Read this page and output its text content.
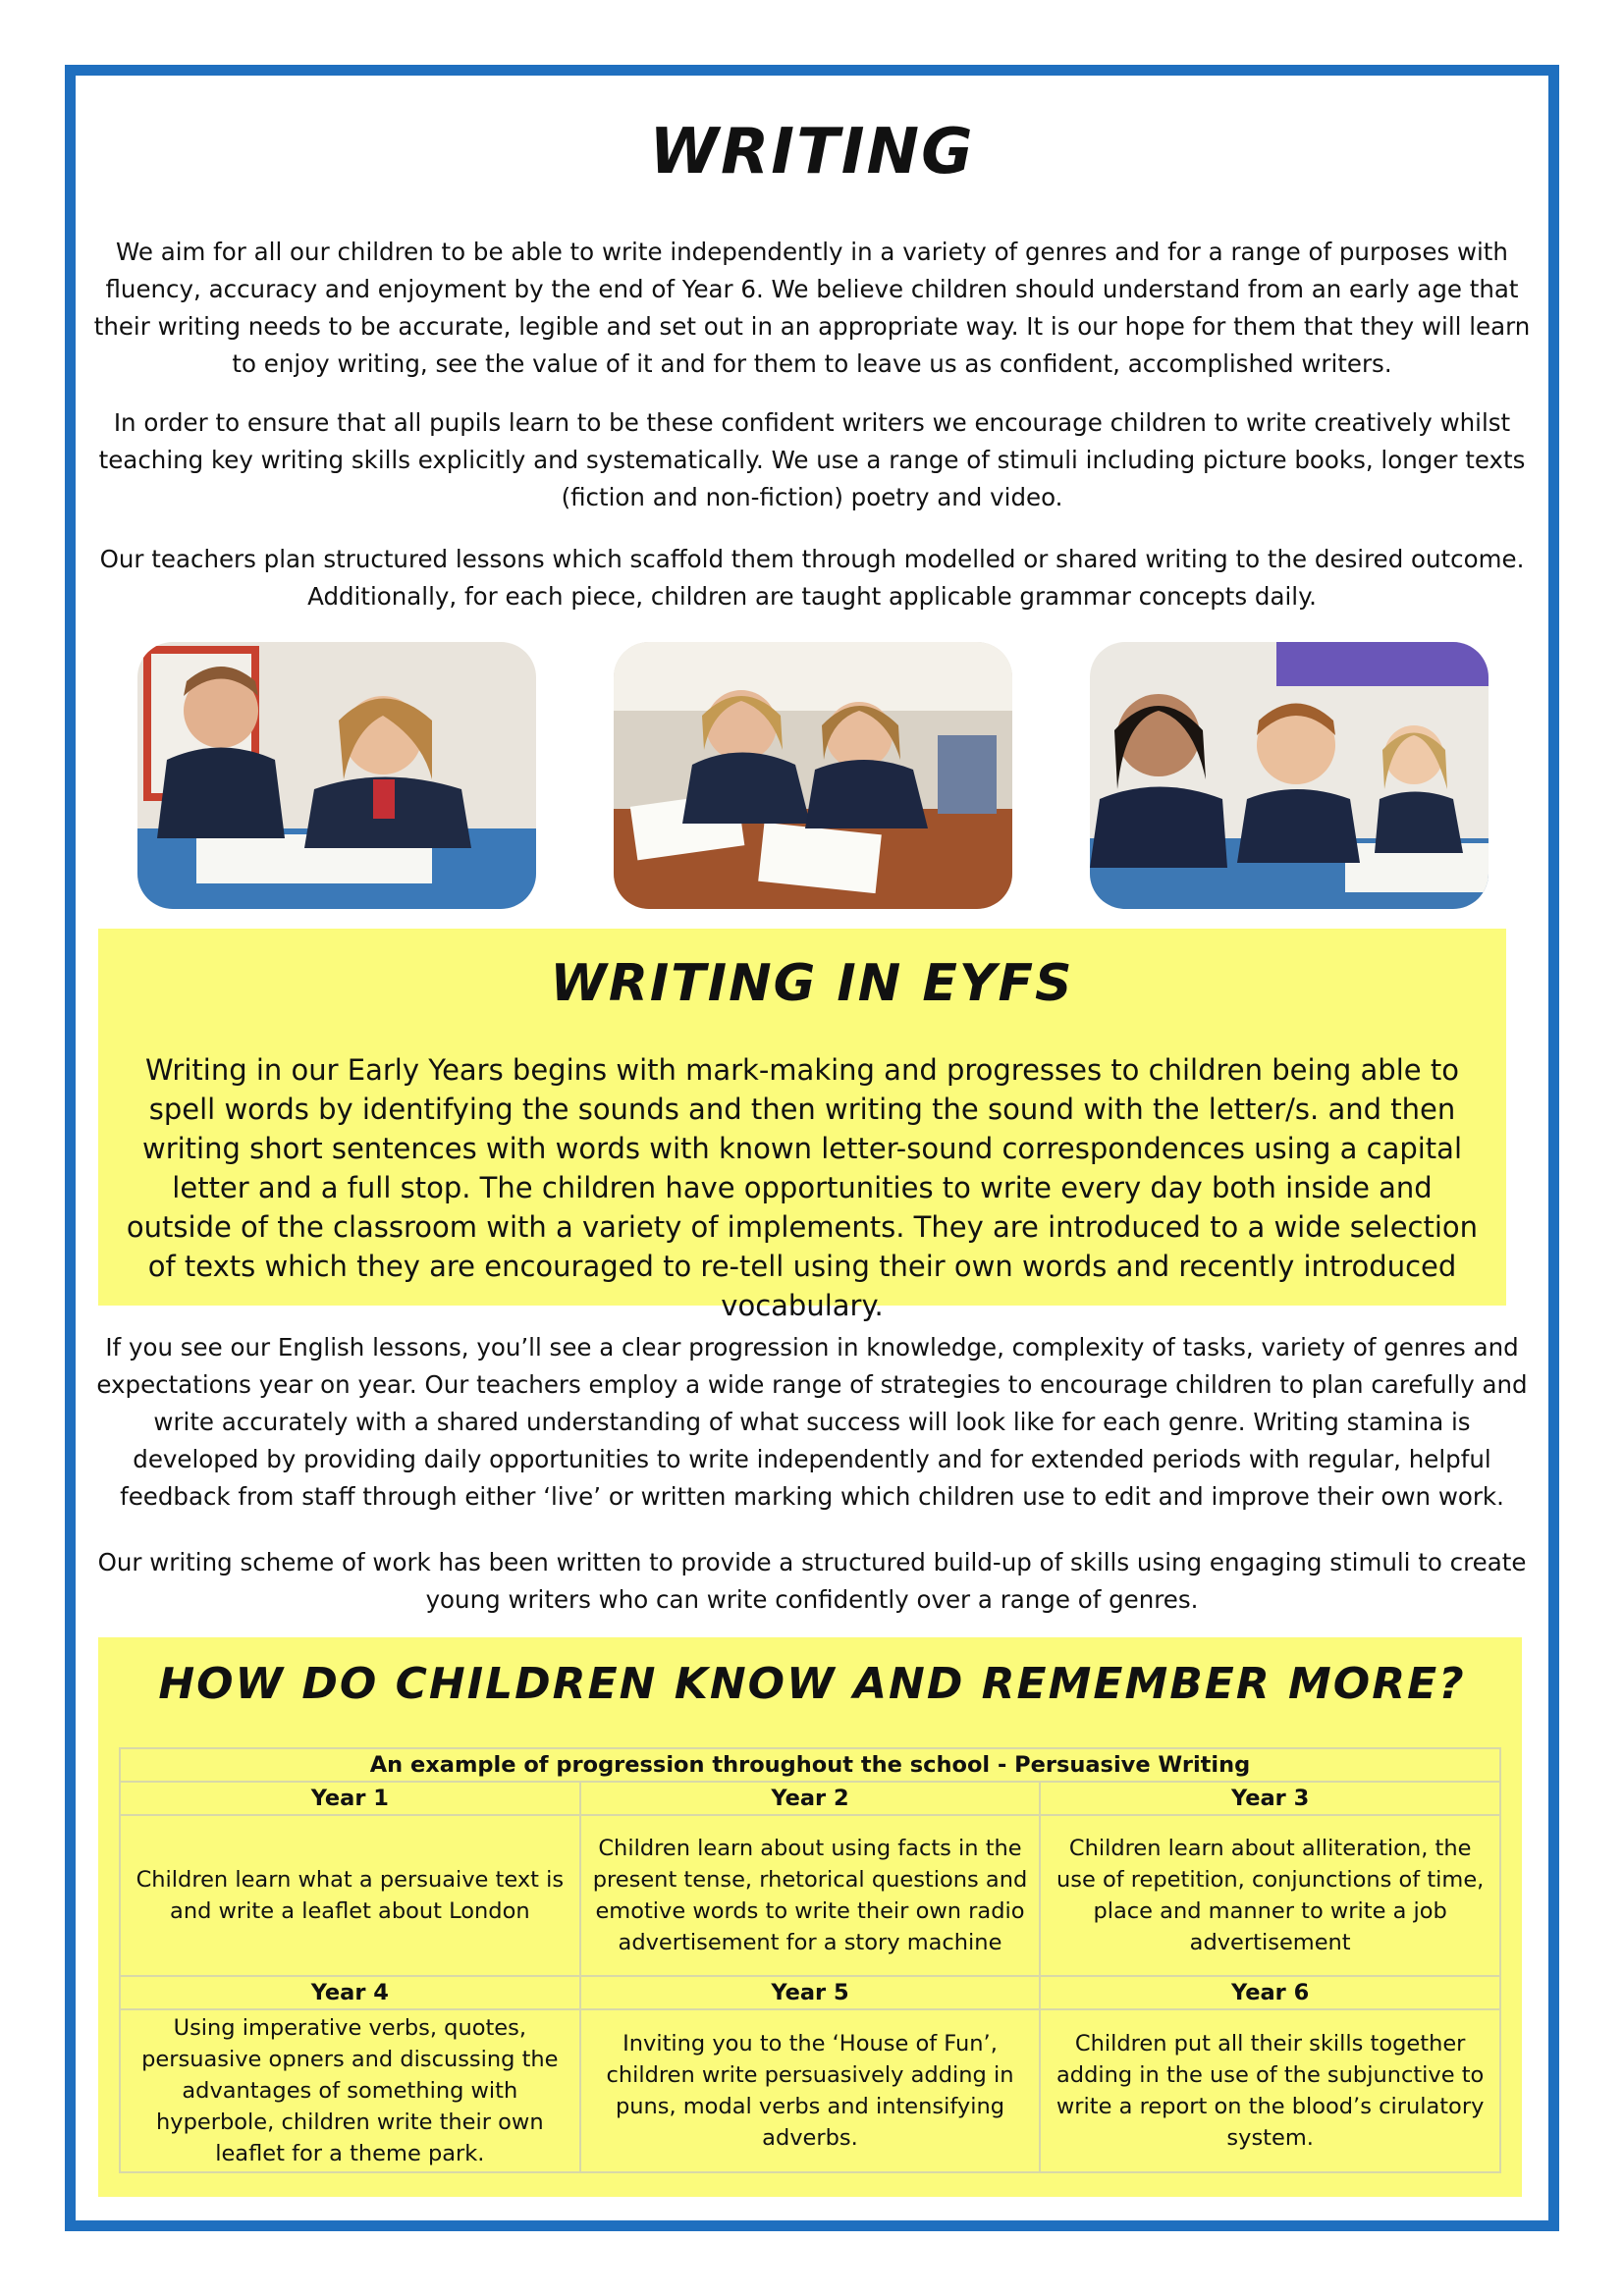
WRITING
We aim for all our children to be able to write independently in a variety of genres and for a range of purposes with fluency, accuracy and enjoyment by the end of Year 6. We believe children should understand from an early age that their writing needs to be accurate, legible and set out in an appropriate way. It is our hope for them that they will learn to enjoy writing, see the value of it and for them to leave us as confident, accomplished writers.
In order to ensure that all pupils learn to be these confident writers we encourage children to write creatively whilst teaching key writing skills explicitly and systematically. We use a range of stimuli including picture books, longer texts (fiction and non-fiction) poetry and video.
Our teachers plan structured lessons which scaffold them through modelled or shared writing to the desired outcome. Additionally, for each piece, children are taught applicable grammar concepts daily.
WRITING IN EYFS
Writing in our Early Years begins with mark-making and progresses to children being able to spell words by identifying the sounds and then writing the sound with the letter/s. and then writing short sentences with words with known letter-sound correspondences using a capital letter and a full stop. The children have opportunities to write every day both inside and outside of the classroom with a variety of implements. They are introduced to a wide selection of texts which they are encouraged to re-tell using their own words and recently introduced vocabulary.
If you see our English lessons, you’ll see a clear progression in knowledge, complexity of tasks, variety of genres and expectations year on year. Our teachers employ a wide range of strategies to encourage children to plan carefully and write accurately with a shared understanding of what success will look like for each genre. Writing stamina is developed by providing daily opportunities to write independently and for extended periods with regular, helpful feedback from staff through either ‘live’ or written marking which children use to edit and improve their own work.
Our writing scheme of work has been written to provide a structured build-up of skills using engaging stimuli to create young writers who can write confidently over a range of genres.
HOW DO CHILDREN KNOW AND REMEMBER MORE?
An example of progression throughout the school - Persuasive Writing		
Year 1	Year 2	Year 3
Children learn what a persuaive text is and write a leaflet about London	Children learn about using facts in the present tense, rhetorical questions and emotive words to write their own radio advertisement for a story machine	Children learn about alliteration, the use of repetition, conjunctions of time, place and manner to write a job advertisement
Year 4	Year 5	Year 6
Using imperative verbs, quotes, persuasive opners and discussing the advantages of something with hyperbole, children write their own leaflet for a theme park.	Inviting you to the ‘House of Fun’, children write persuasively adding in puns, modal verbs and intensifying adverbs.	Children put all their skills together adding in the use of the subjunctive to write a report on the blood’s cirulatory system.
